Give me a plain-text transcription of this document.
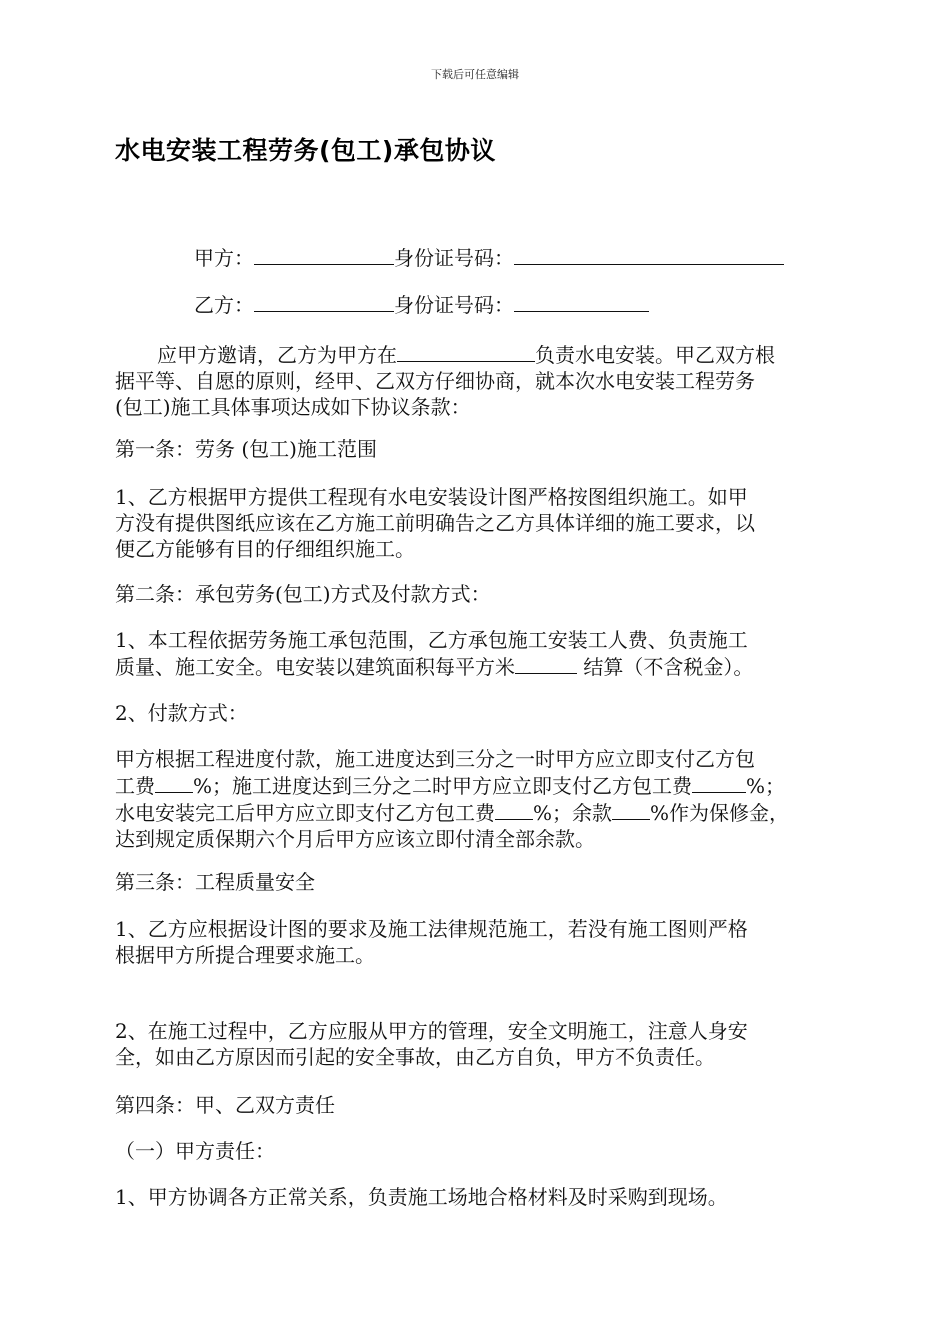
下载后可任意编辑
水电安装工程劳务(包工)承包协议
甲方：	身份证号码：
乙方：	身份证号码：
应甲方邀请，乙方为甲方在	负责水电安装。甲乙双方根
据平等、自愿的原则，经甲、乙双方仔细协商，就本次水电安装工程劳务
(包工)施工具体事项达成如下协议条款：
第一条：劳务 (包工)施工范围
1、乙方根据甲方提供工程现有水电安装设计图严格按图组织施工。如甲
方没有提供图纸应该在乙方施工前明确告之乙方具体详细的施工要求，以
便乙方能够有目的仔细组织施工。
第二条：承包劳务(包工)方式及付款方式：
1、本工程依据劳务施工承包范围，乙方承包施工安装工人费、负责施工
质量、施工安全。电安装以建筑面积每平方米	结算（不含税金）。
2、付款方式：
甲方根据工程进度付款，施工进度达到三分之一时甲方应立即支付乙方包
工费 %；施工进度达到三分之二时甲方应立即支付乙方包工费	%；
水电安装完工后甲方应立即支付乙方包工费 %；余款 %作为保修金，
达到规定质保期六个月后甲方应该立即付清全部余款。
第三条：工程质量安全
1、乙方应根据设计图的要求及施工法律规范施工，若没有施工图则严格
根据甲方所提合理要求施工。
2、在施工过程中，乙方应服从甲方的管理，安全文明施工，注意人身安
全，如由乙方原因而引起的安全事故，由乙方自负，甲方不负责任。
第四条：甲、乙双方责任
（一）甲方责任：
1、甲方协调各方正常关系，负责施工场地合格材料及时采购到现场。
